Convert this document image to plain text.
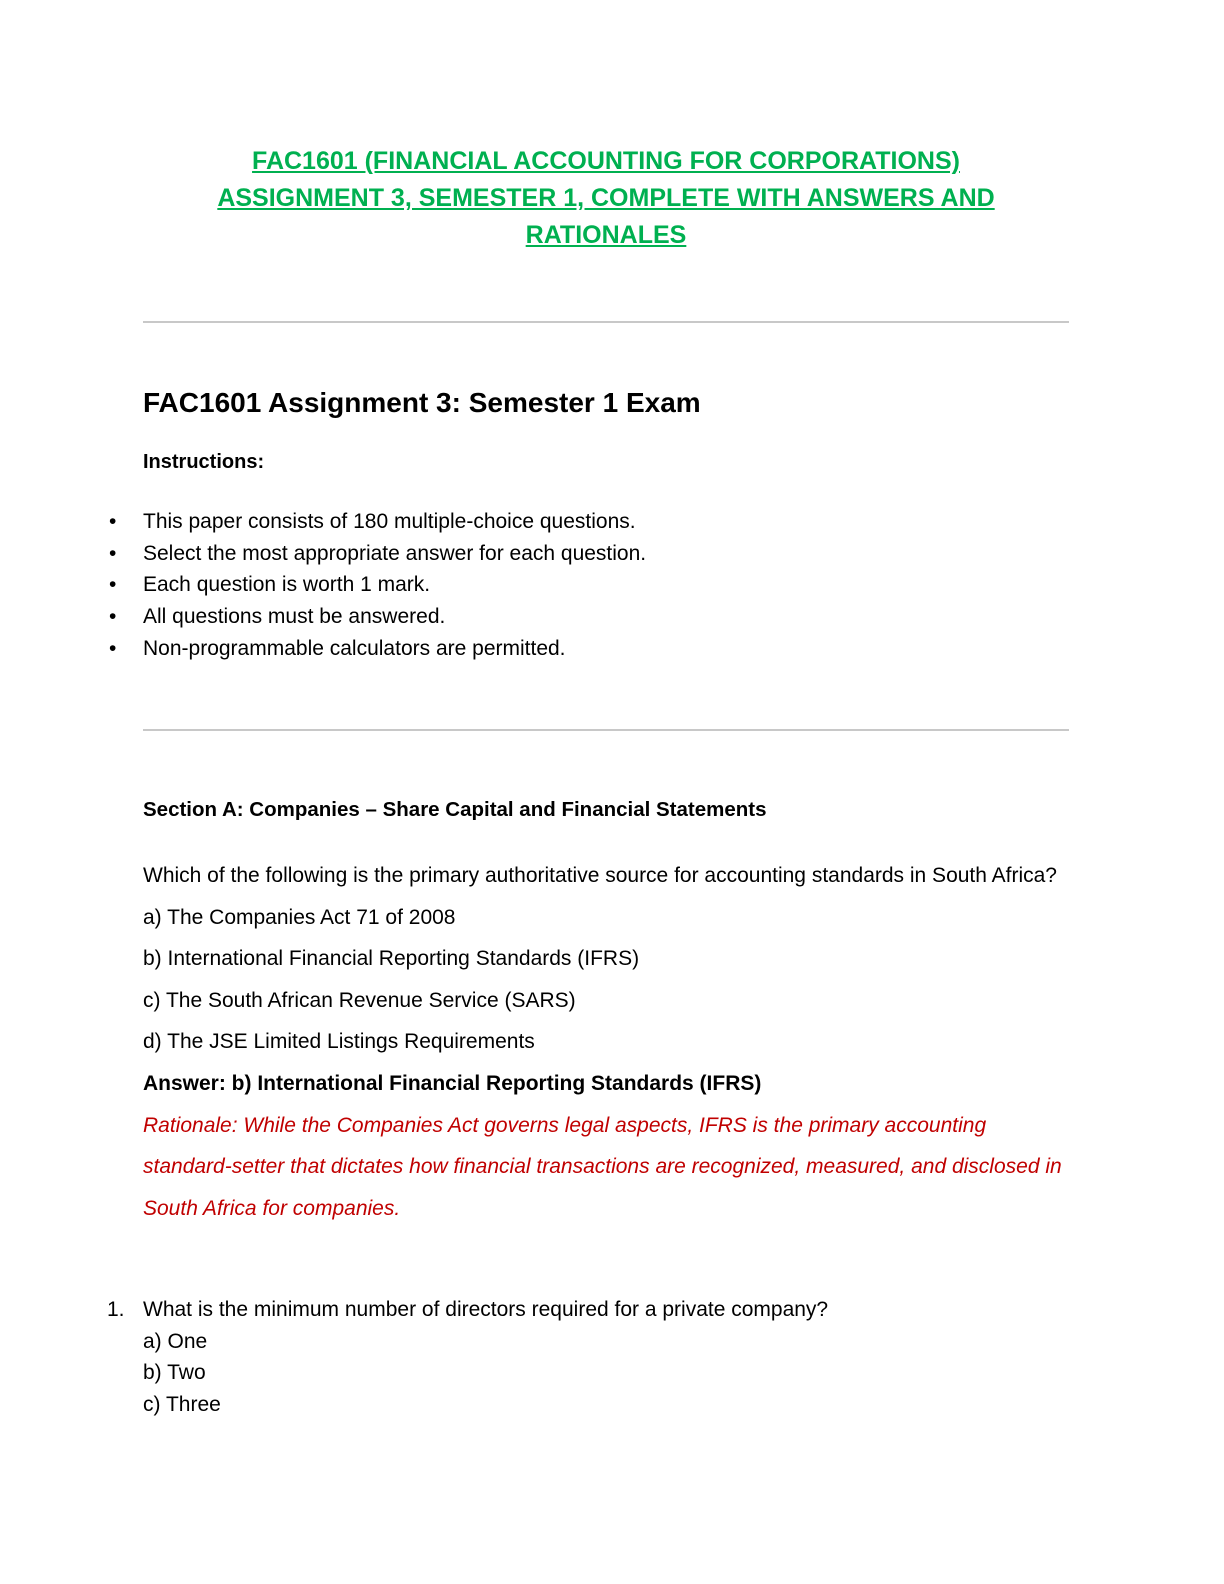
FAC1601 (FINANCIAL ACCOUNTING FOR CORPORATIONS)
ASSIGNMENT 3, SEMESTER 1, COMPLETE WITH ANSWERS AND
RATIONALES
FAC1601 Assignment 3: Semester 1 Exam

Instructions:

• This paper consists of 180 multiple-choice questions.
• Select the most appropriate answer for each question.
• Each question is worth 1 mark.
• All questions must be answered.
• Non-programmable calculators are permitted.
Section A: Companies – Share Capital and Financial Statements

Which of the following is the primary authoritative source for accounting standards in South Africa?

a) The Companies Act 71 of 2008

b) International Financial Reporting Standards (IFRS)

c) The South African Revenue Service (SARS)

d) The JSE Limited Listings Requirements

Answer: b) International Financial Reporting Standards (IFRS)

Rationale: While the Companies Act governs legal aspects, IFRS is the primary accounting standard-setter that dictates how financial transactions are recognized, measured, and disclosed in South Africa for companies.

1. What is the minimum number of directors required for a private company?

a) One

b) Two

c) Three
